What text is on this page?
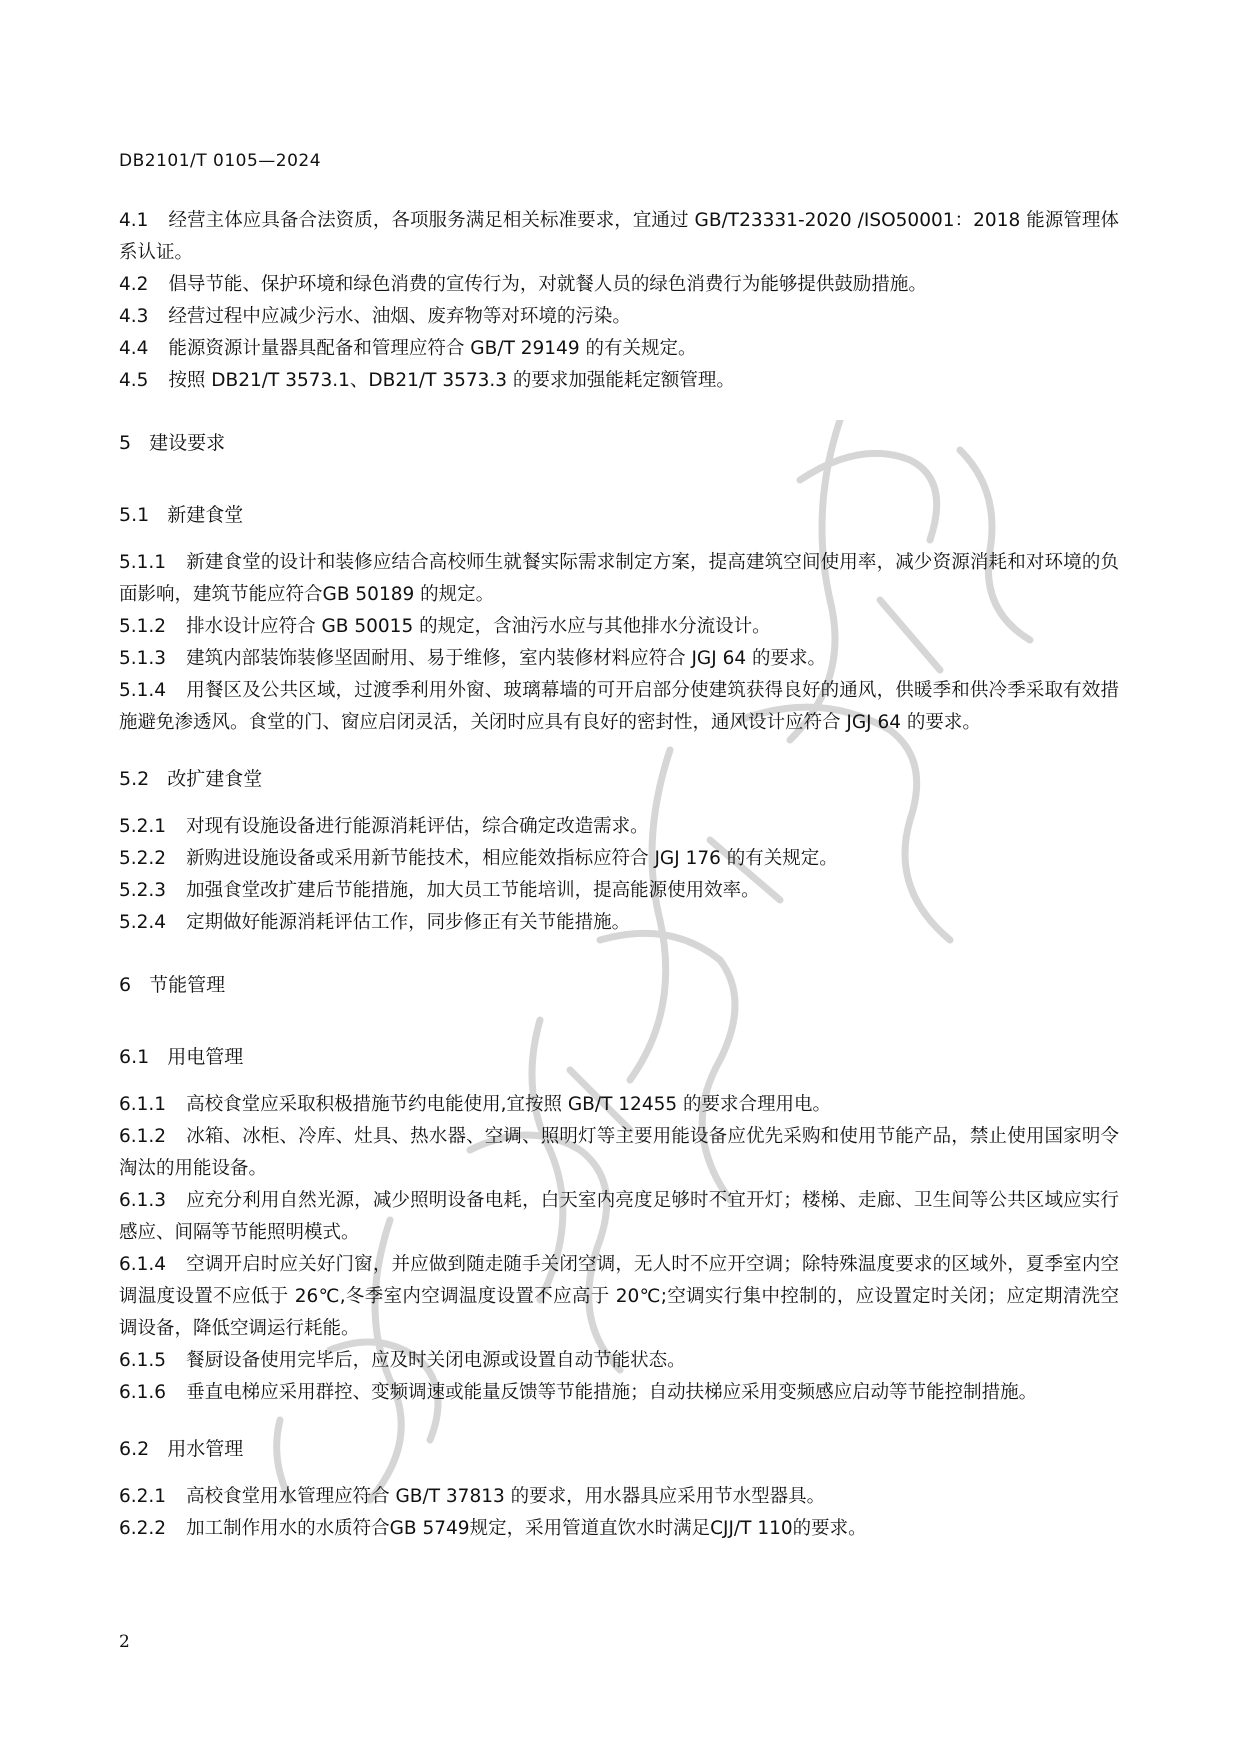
DB2101/T 0105—2024

4.1 经营主体应具备合法资质，各项服务满足相关标准要求，宜通过 GB/T23331-2020 /ISO50001：2018 能源管理体系认证。

4.2 倡导节能、保护环境和绿色消费的宣传行为，对就餐人员的绿色消费行为能够提供鼓励措施。

4.3 经营过程中应减少污水、油烟、废弃物等对环境的污染。

4.4 能源资源计量器具配备和管理应符合 GB/T 29149 的有关规定。

4.5 按照 DB21/T 3573.1、DB21/T 3573.3 的要求加强能耗定额管理。

5 建设要求

5.1 新建食堂

5.1.1 新建食堂的设计和装修应结合高校师生就餐实际需求制定方案，提高建筑空间使用率，减少资源消耗和对环境的负面影响，建筑节能应符合GB 50189 的规定。

5.1.2 排水设计应符合 GB 50015 的规定，含油污水应与其他排水分流设计。

5.1.3 建筑内部装饰装修坚固耐用、易于维修，室内装修材料应符合 JGJ 64 的要求。

5.1.4 用餐区及公共区域，过渡季利用外窗、玻璃幕墙的可开启部分使建筑获得良好的通风，供暖季和供冷季采取有效措施避免渗透风。食堂的门、窗应启闭灵活，关闭时应具有良好的密封性，通风设计应符合 JGJ 64 的要求。

5.2 改扩建食堂

5.2.1 对现有设施设备进行能源消耗评估，综合确定改造需求。

5.2.2 新购进设施设备或采用新节能技术，相应能效指标应符合 JGJ 176 的有关规定。

5.2.3 加强食堂改扩建后节能措施，加大员工节能培训，提高能源使用效率。

5.2.4 定期做好能源消耗评估工作，同步修正有关节能措施。

6 节能管理

6.1 用电管理

6.1.1 高校食堂应采取积极措施节约电能使用,宜按照 GB/T 12455 的要求合理用电。

6.1.2 冰箱、冰柜、冷库、灶具、热水器、空调、照明灯等主要用能设备应优先采购和使用节能产品，禁止使用国家明令淘汰的用能设备。

6.1.3 应充分利用自然光源，减少照明设备电耗，白天室内亮度足够时不宜开灯；楼梯、走廊、卫生间等公共区域应实行感应、间隔等节能照明模式。

6.1.4 空调开启时应关好门窗，并应做到随走随手关闭空调，无人时不应开空调；除特殊温度要求的区域外，夏季室内空调温度设置不应低于 26℃,冬季室内空调温度设置不应高于 20℃;空调实行集中控制的，应设置定时关闭；应定期清洗空调设备，降低空调运行耗能。

6.1.5 餐厨设备使用完毕后，应及时关闭电源或设置自动节能状态。

6.1.6 垂直电梯应采用群控、变频调速或能量反馈等节能措施；自动扶梯应采用变频感应启动等节能控制措施。

6.2 用水管理

6.2.1 高校食堂用水管理应符合 GB/T 37813 的要求，用水器具应采用节水型器具。

6.2.2 加工制作用水的水质符合GB 5749规定，采用管道直饮水时满足CJJ/T 110的要求。

2
